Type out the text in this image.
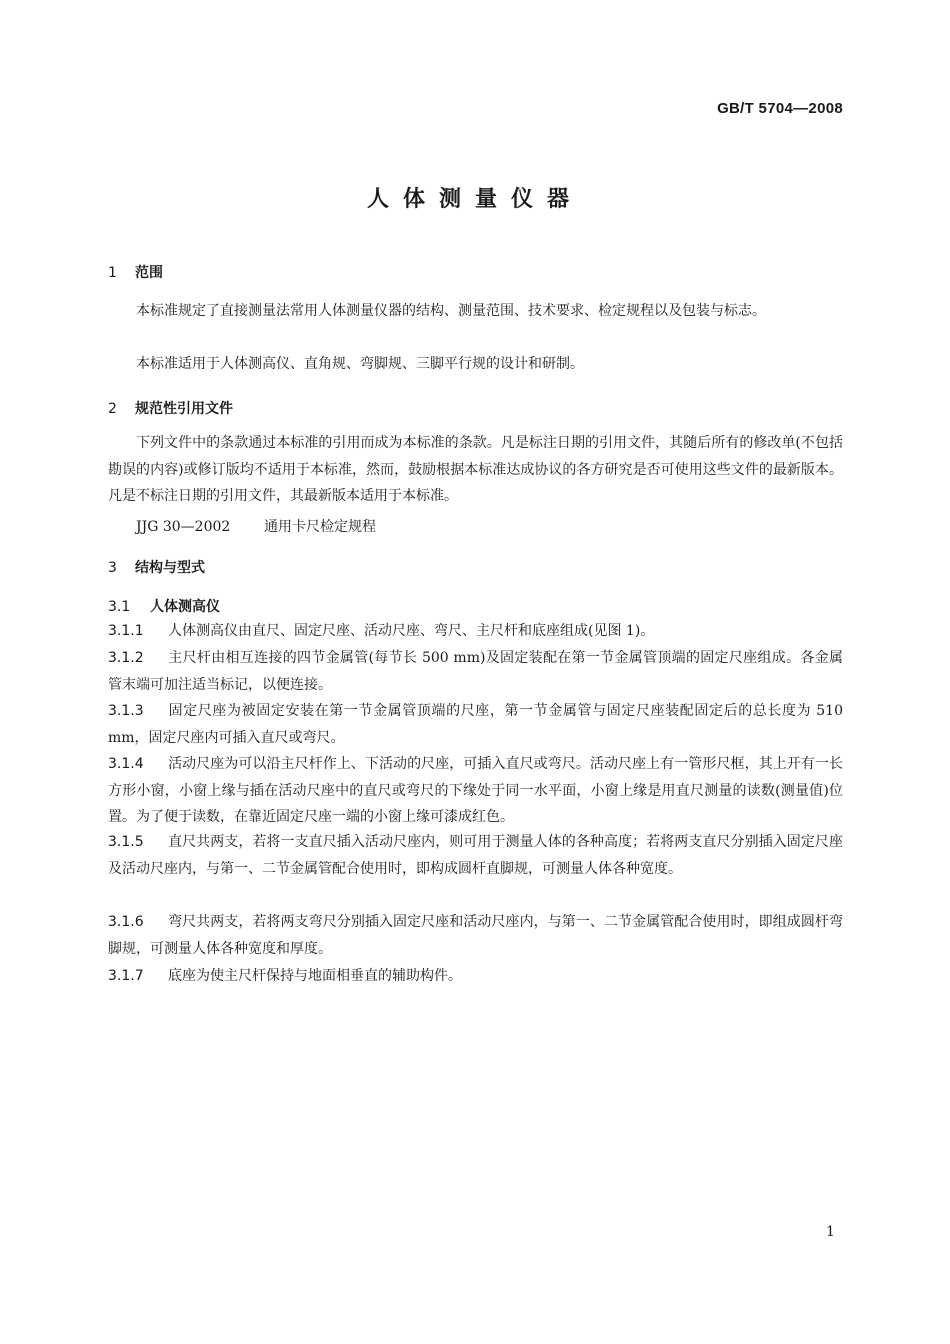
GB/T 5704—2008
人体测量仪器
1 范围
本标准规定了直接测量法常用人体测量仪器的结构、测量范围、技术要求、检定规程以及包装与标志。
本标准适用于人体测高仪、直角规、弯脚规、三脚平行规的设计和研制。
2 规范性引用文件
下列文件中的条款通过本标准的引用而成为本标准的条款。凡是标注日期的引用文件，其随后所有的修改单(不包括勘误的内容)或修订版均不适用于本标准，然而，鼓励根据本标准达成协议的各方研究是否可使用这些文件的最新版本。凡是不标注日期的引用文件，其最新版本适用于本标准。
JJG 30—2002 通用卡尺检定规程
3 结构与型式
3.1 人体测高仪
3.1.1 人体测高仪由直尺、固定尺座、活动尺座、弯尺、主尺杆和底座组成(见图 1)。
3.1.2 主尺杆由相互连接的四节金属管(每节长 500 mm)及固定装配在第一节金属管顶端的固定尺座组成。各金属管末端可加注适当标记，以便连接。
3.1.3 固定尺座为被固定安装在第一节金属管顶端的尺座，第一节金属管与固定尺座装配固定后的总长度为 510 mm，固定尺座内可插入直尺或弯尺。
3.1.4 活动尺座为可以沿主尺杆作上、下活动的尺座，可插入直尺或弯尺。活动尺座上有一管形尺框，其上开有一长方形小窗，小窗上缘与插在活动尺座中的直尺或弯尺的下缘处于同一水平面，小窗上缘是用直尺测量的读数(测量值)位置。为了便于读数，在靠近固定尺座一端的小窗上缘可漆成红色。
3.1.5 直尺共两支，若将一支直尺插入活动尺座内，则可用于测量人体的各种高度；若将两支直尺分别插入固定尺座及活动尺座内，与第一、二节金属管配合使用时，即构成圆杆直脚规，可测量人体各种宽度。
3.1.6 弯尺共两支，若将两支弯尺分别插入固定尺座和活动尺座内，与第一、二节金属管配合使用时，即组成圆杆弯脚规，可测量人体各种宽度和厚度。
3.1.7 底座为使主尺杆保持与地面相垂直的辅助构件。
1
